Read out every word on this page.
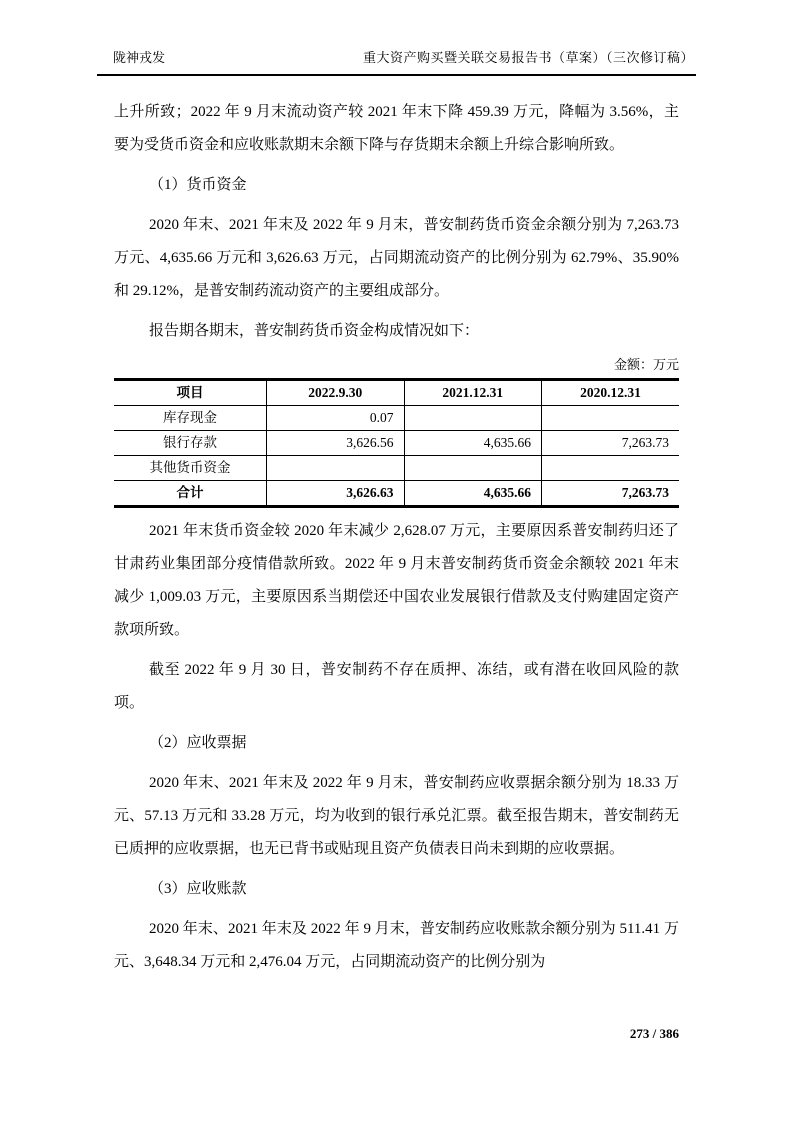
陇神戎发	重大资产购买暨关联交易报告书（草案）（三次修订稿）

上升所致；2022 年 9 月末流动资产较 2021 年末下降 459.39 万元，降幅为 3.56%，主要为受货币资金和应收账款期末余额下降与存货期末余额上升综合影响所致。

（1）货币资金

2020 年末、2021 年末及 2022 年 9 月末，普安制药货币资金余额分别为 7,263.73 万元、4,635.66 万元和 3,626.63 万元，占同期流动资产的比例分别为 62.79%、35.90%和 29.12%，是普安制药流动资产的主要组成部分。

报告期各期末，普安制药货币资金构成情况如下：

金额：万元
项目	2022.9.30	2021.12.31	2020.12.31
库存现金	0.07		
银行存款	3,626.56	4,635.66	7,263.73
其他货币资金			
合计	3,626.63	4,635.66	7,263.73

2021 年末货币资金较 2020 年末减少 2,628.07 万元，主要原因系普安制药归还了甘肃药业集团部分疫情借款所致。2022 年 9 月末普安制药货币资金余额较 2021 年末减少 1,009.03 万元，主要原因系当期偿还中国农业发展银行借款及支付购建固定资产款项所致。

截至 2022 年 9 月 30 日，普安制药不存在质押、冻结，或有潜在收回风险的款项。

（2）应收票据

2020 年末、2021 年末及 2022 年 9 月末，普安制药应收票据余额分别为 18.33 万元、57.13 万元和 33.28 万元，均为收到的银行承兑汇票。截至报告期末，普安制药无已质押的应收票据，也无已背书或贴现且资产负债表日尚未到期的应收票据。

（3）应收账款

2020 年末、2021 年末及 2022 年 9 月末，普安制药应收账款余额分别为 511.41 万元、3,648.34 万元和 2,476.04 万元，占同期流动资产的比例分别为

273 / 386
